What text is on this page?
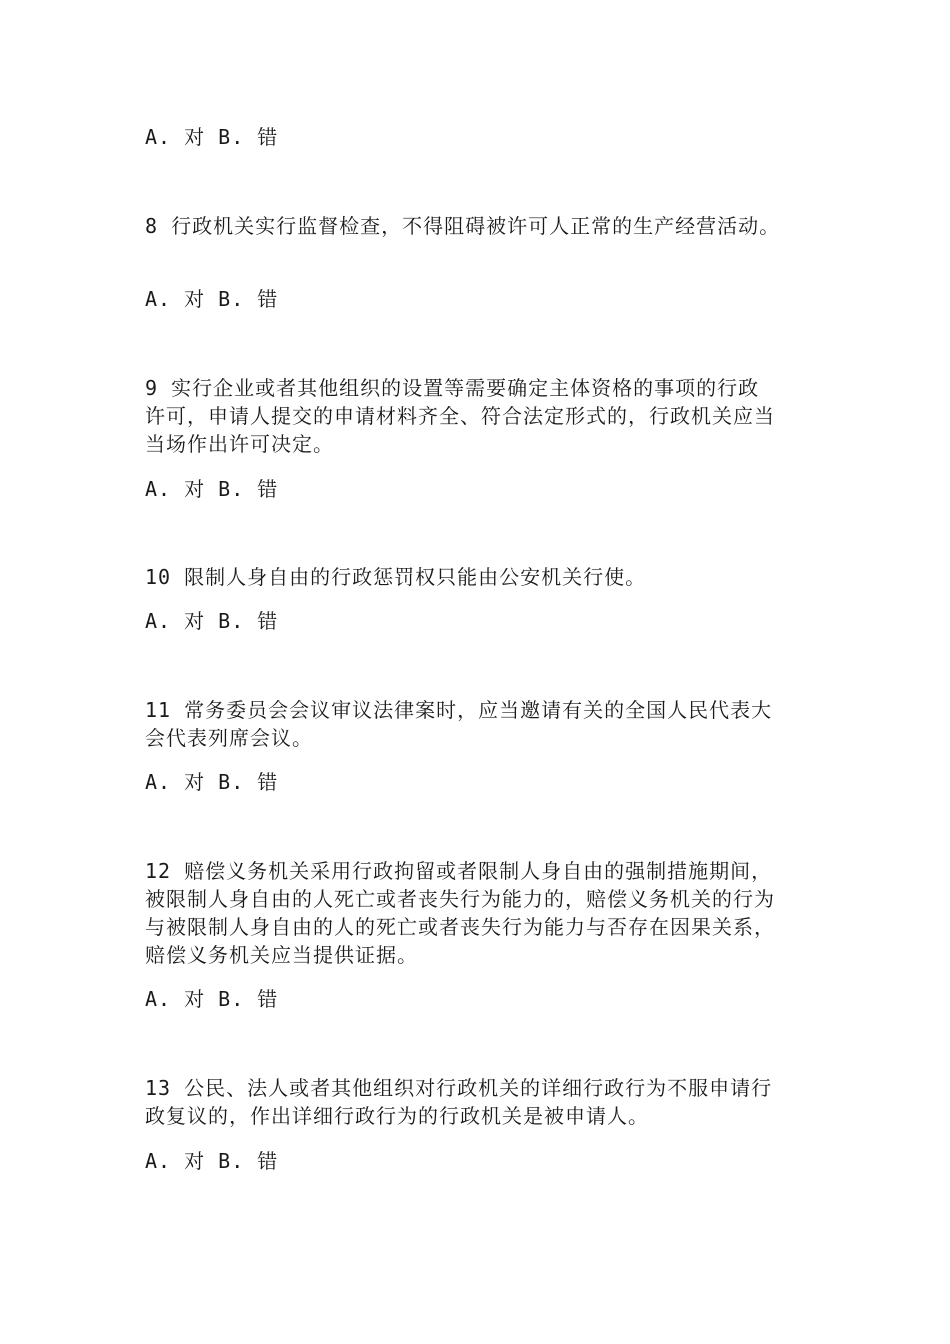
A. 对 B. 错
8 行政机关实行监督检查，不得阻碍被许可人正常的生产经营活动。
A. 对 B. 错
9 实行企业或者其他组织的设置等需要确定主体资格的事项的行政
许可，申请人提交的申请材料齐全、符合法定形式的，行政机关应当
当场作出许可决定。
A. 对 B. 错
10 限制人身自由的行政惩罚权只能由公安机关行使。
A. 对 B. 错
11 常务委员会会议审议法律案时，应当邀请有关的全国人民代表大
会代表列席会议。
A. 对 B. 错
12 赔偿义务机关采用行政拘留或者限制人身自由的强制措施期间，
被限制人身自由的人死亡或者丧失行为能力的，赔偿义务机关的行为
与被限制人身自由的人的死亡或者丧失行为能力与否存在因果关系，
赔偿义务机关应当提供证据。
A. 对 B. 错
13 公民、法人或者其他组织对行政机关的详细行政行为不服申请行
政复议的，作出详细行政行为的行政机关是被申请人。
A. 对 B. 错
